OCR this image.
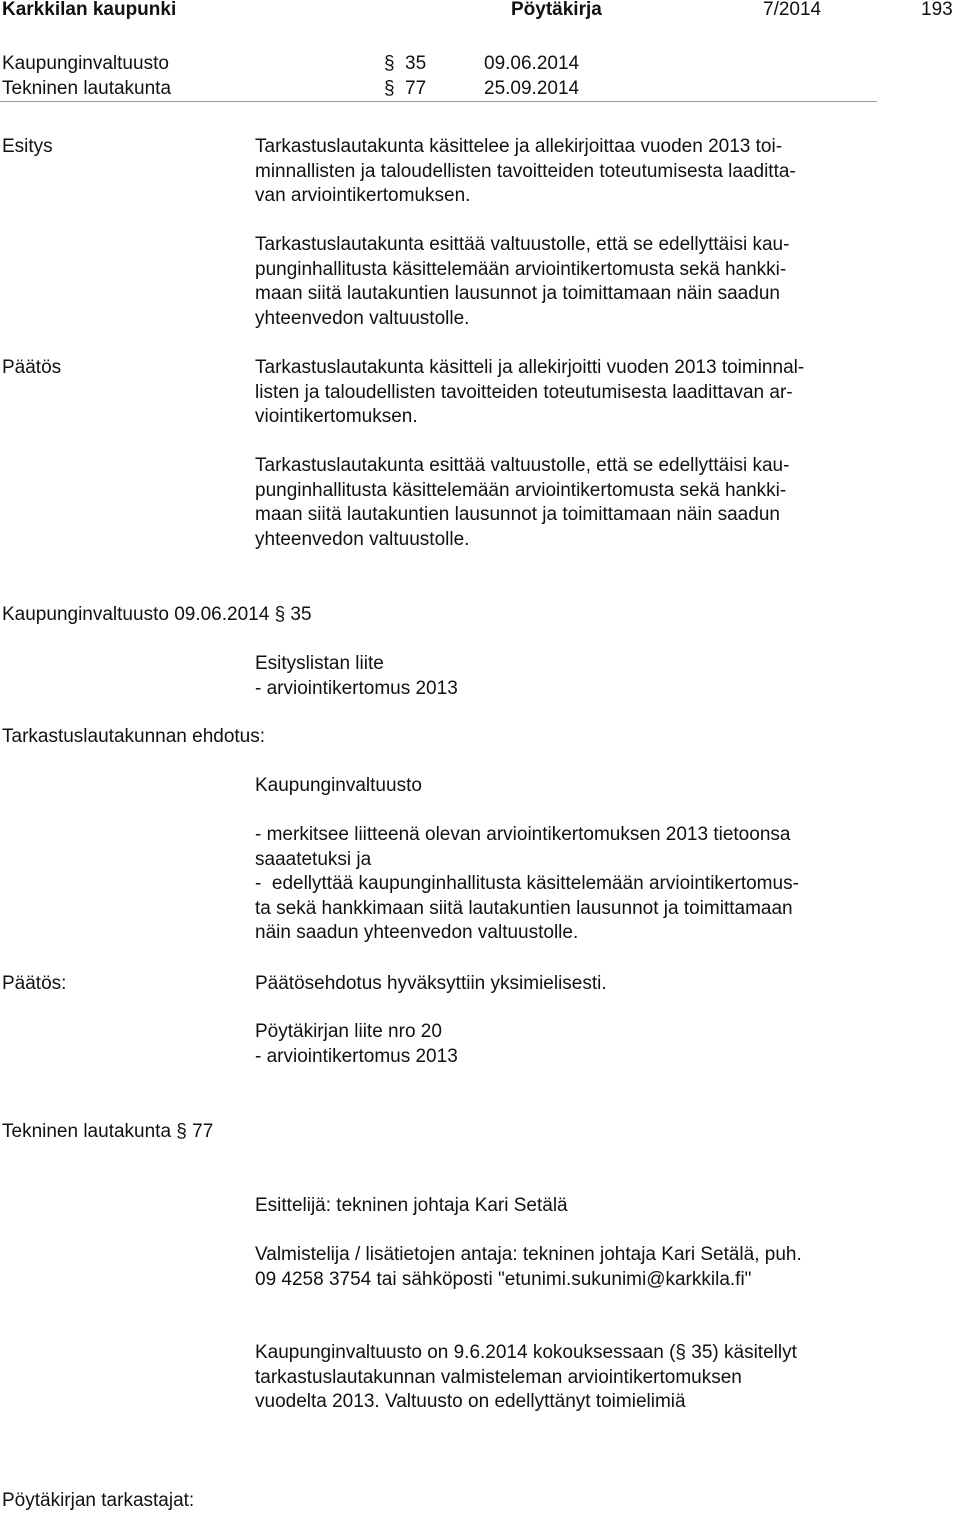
Karkkilan kaupunki	Pöytäkirja	7/2014	193
Kaupunginvaltuusto	§ 35	09.06.2014
Tekninen lautakunta	§ 77	25.09.2014
Esitys	Tarkastuslautakunta käsittelee ja allekirjoittaa vuoden 2013 toi-
minnallisten ja taloudellisten tavoitteiden toteutumisesta laaditta-
van arviointikertomuksen.
Tarkastuslautakunta esittää valtuustolle, että se edellyttäisi kau-
punginhallitusta käsittelemään arviointikertomusta sekä hankki-
maan siitä lautakuntien lausunnot ja toimittamaan näin saadun
yhteenvedon valtuustolle.
Päätös	Tarkastuslautakunta käsitteli ja allekirjoitti vuoden 2013 toiminnal-
listen ja taloudellisten tavoitteiden toteutumisesta laadittavan ar-
viointikertomuksen.
Tarkastuslautakunta esittää valtuustolle, että se edellyttäisi kau-
punginhallitusta käsittelemään arviointikertomusta sekä hankki-
maan siitä lautakuntien lausunnot ja toimittamaan näin saadun
yhteenvedon valtuustolle.
Kaupunginvaltuusto 09.06.2014 § 35
Esityslistan liite
- arviointikertomus 2013
Tarkastuslautakunnan ehdotus:
Kaupunginvaltuusto
- merkitsee liitteenä olevan arviointikertomuksen 2013 tietoonsa
saaatetuksi ja
-  edellyttää kaupunginhallitusta käsittelemään arviointikertomus-
ta sekä hankkimaan siitä lautakuntien lausunnot ja toimittamaan
näin saadun yhteenvedon valtuustolle.
Päätös:	Päätösehdotus hyväksyttiin yksimielisesti.
Pöytäkirjan liite nro 20
- arviointikertomus 2013
Tekninen lautakunta § 77
Esittelijä: tekninen johtaja Kari Setälä
Valmistelija / lisätietojen antaja: tekninen johtaja Kari Setälä, puh.
09 4258 3754 tai sähköposti "etunimi.sukunimi@karkkila.fi"
Kaupunginvaltuusto on 9.6.2014 kokouksessaan (§ 35) käsitellyt
tarkastuslautakunnan valmisteleman arviointikertomuksen
vuodelta 2013. Valtuusto on edellyttänyt toimielimiä
Pöytäkirjan tarkastajat:
